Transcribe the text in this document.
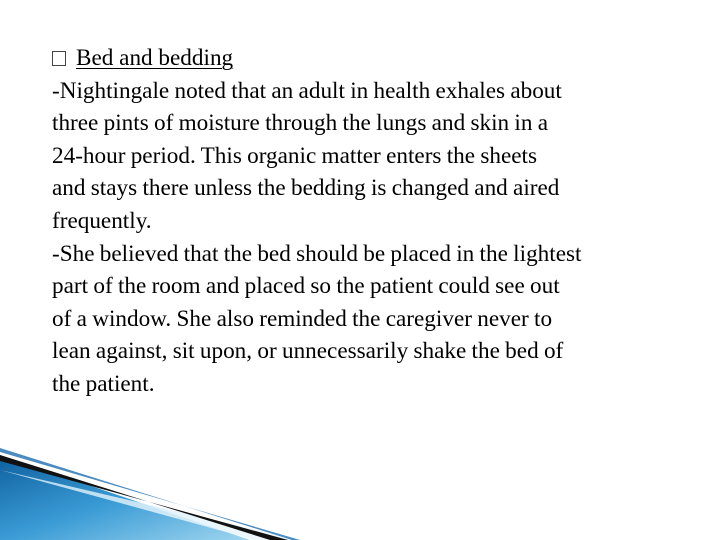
Bed and bedding

-Nightingale noted that an adult in health exhales about
three pints of moisture through the lungs and skin in a
24-hour period. This organic matter enters the sheets
and stays there unless the bedding is changed and aired
frequently.

-She believed that the bed should be placed in the lightest
part of the room and placed so the patient could see out
of a window. She also reminded the caregiver never to
lean against, sit upon, or unnecessarily shake the bed of
the patient.
